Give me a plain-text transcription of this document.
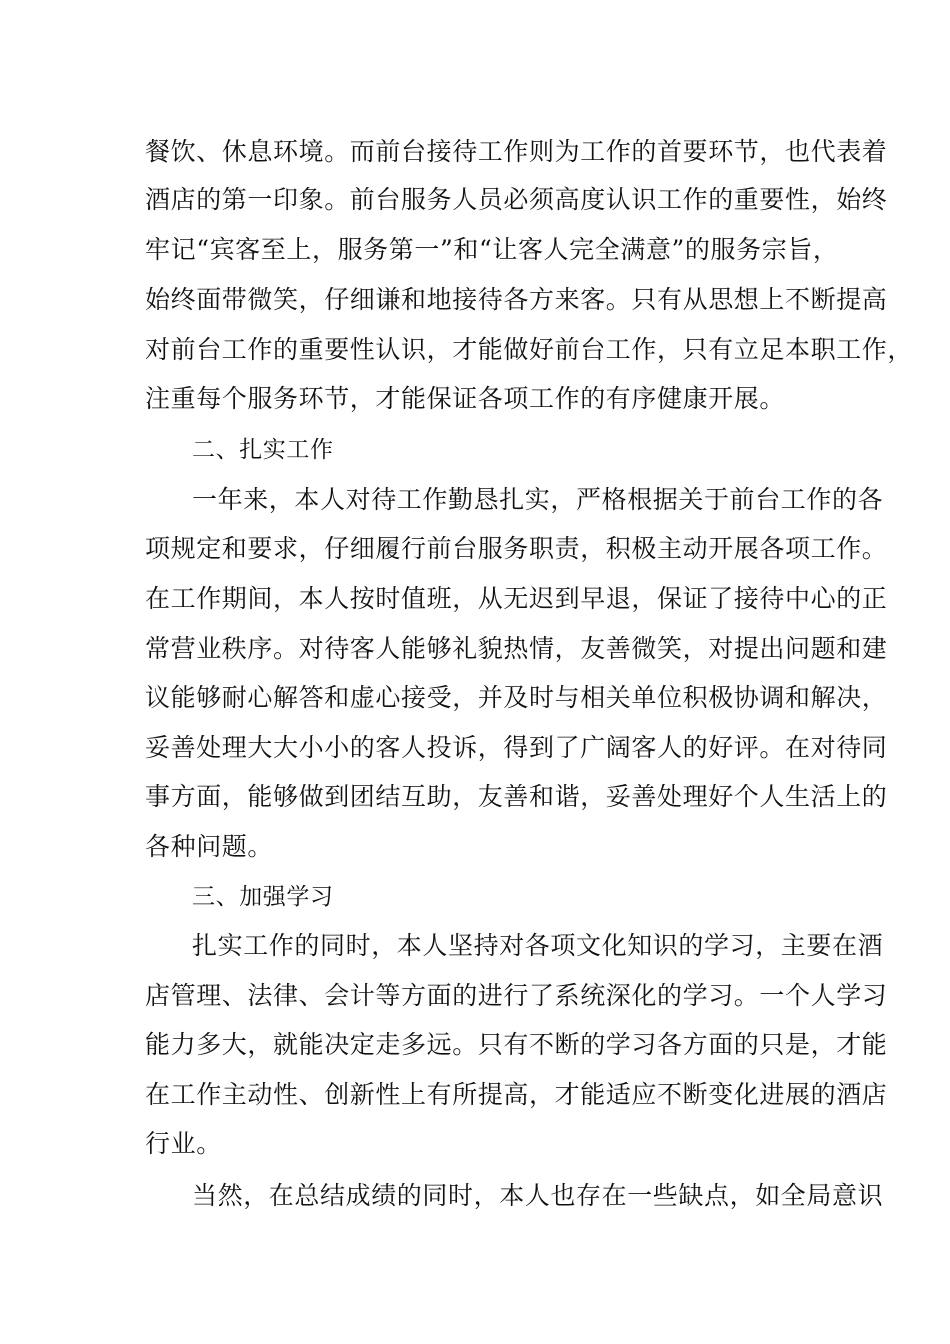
餐饮、休息环境。而前台接待工作则为工作的首要环节，也代表着
酒店的第一印象。前台服务人员必须高度认识工作的重要性，始终
牢记“宾客至上，服务第一”和“让客人完全满意”的服务宗旨，
始终面带微笑，仔细谦和地接待各方来客。只有从思想上不断提高
对前台工作的重要性认识，才能做好前台工作，只有立足本职工作，
注重每个服务环节，才能保证各项工作的有序健康开展。
二、扎实工作
一年来，本人对待工作勤恳扎实，严格根据关于前台工作的各
项规定和要求，仔细履行前台服务职责，积极主动开展各项工作。
在工作期间，本人按时值班，从无迟到早退，保证了接待中心的正
常营业秩序。对待客人能够礼貌热情，友善微笑，对提出问题和建
议能够耐心解答和虚心接受，并及时与相关单位积极协调和解决，
妥善处理大大小小的客人投诉，得到了广阔客人的好评。在对待同
事方面，能够做到团结互助，友善和谐，妥善处理好个人生活上的
各种问题。
三、加强学习
扎实工作的同时，本人坚持对各项文化知识的学习，主要在酒
店管理、法律、会计等方面的进行了系统深化的学习。一个人学习
能力多大，就能决定走多远。只有不断的学习各方面的只是，才能
在工作主动性、创新性上有所提高，才能适应不断变化进展的酒店
行业。
当然，在总结成绩的同时，本人也存在一些缺点，如全局意识
